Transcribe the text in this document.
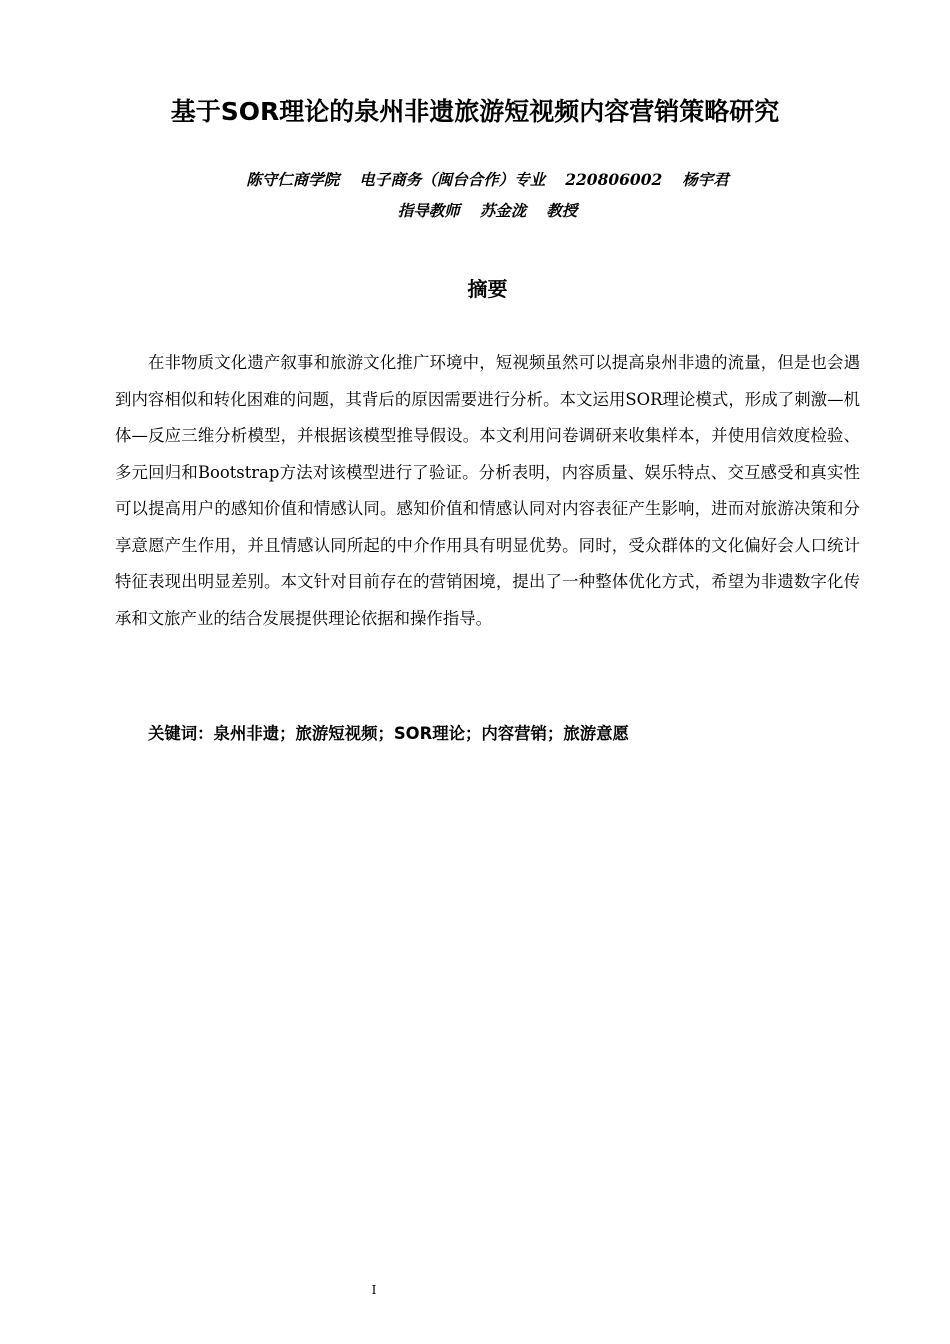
基于SOR理论的泉州非遗旅游短视频内容营销策略研究
陈守仁商学院 电子商务（闽台合作）专业 220806002 杨宇君
指导教师 苏金泷 教授
摘要

在非物质文化遗产叙事和旅游文化推广环境中，短视频虽然可以提高泉州非遗的流量，但是也会遇到内容相似和转化困难的问题，其背后的原因需要进行分析。本文运用SOR理论模式，形成了刺激—机体—反应三维分析模型，并根据该模型推导假设。本文利用问卷调研来收集样本，并使用信效度检验、多元回归和Bootstrap方法对该模型进行了验证。分析表明，内容质量、娱乐特点、交互感受和真实性可以提高用户的感知价值和情感认同。感知价值和情感认同对内容表征产生影响，进而对旅游决策和分享意愿产生作用，并且情感认同所起的中介作用具有明显优势。同时，受众群体的文化偏好会人口统计特征表现出明显差别。本文针对目前存在的营销困境，提出了一种整体优化方式，希望为非遗数字化传承和文旅产业的结合发展提供理论依据和操作指导。

关键词：泉州非遗；旅游短视频；SOR理论；内容营销；旅游意愿
I
